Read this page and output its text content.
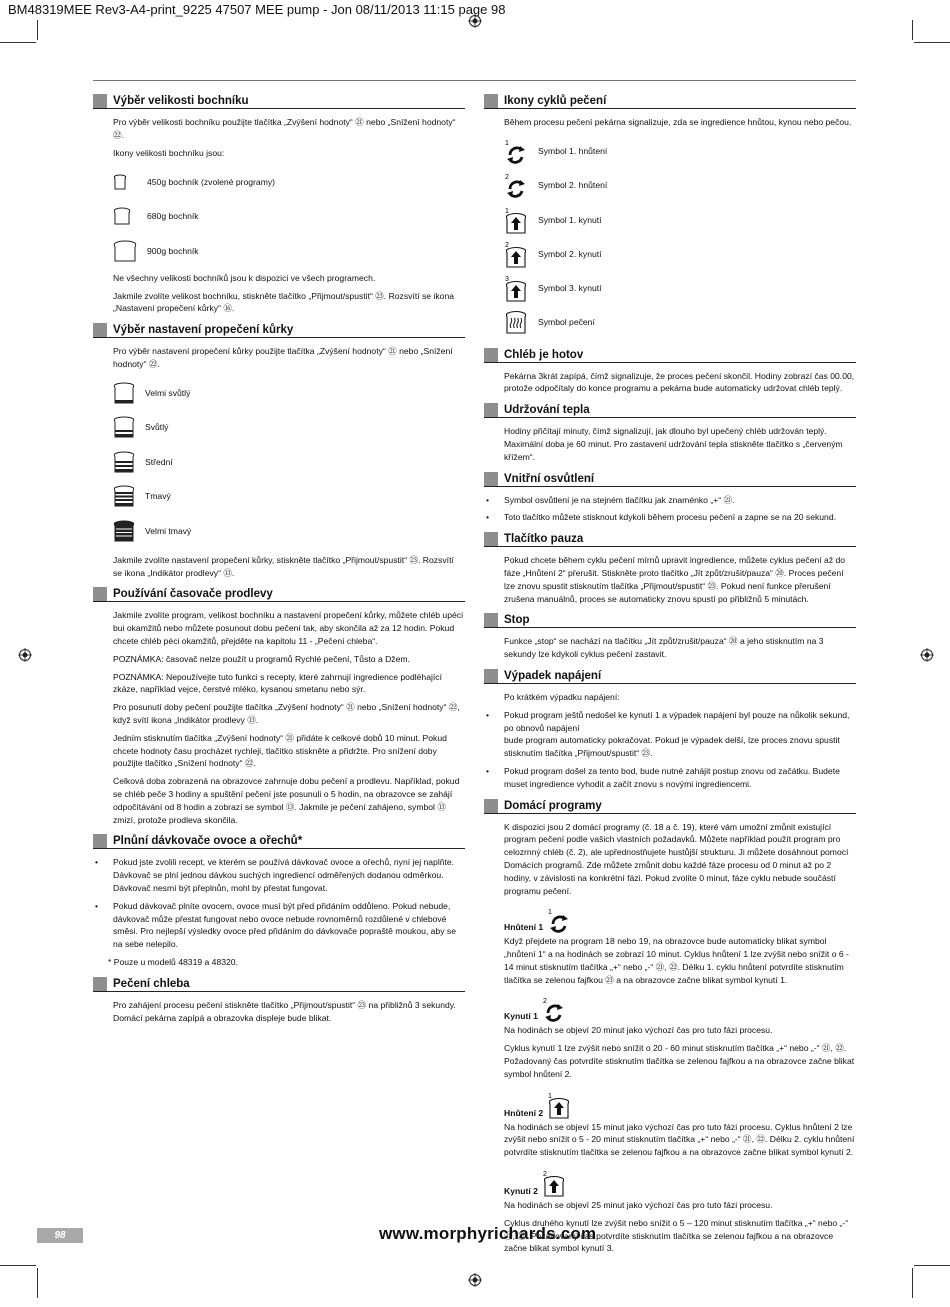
BM48319MEE Rev3-A4-print_9225 47507 MEE pump - Jon 08/11/2013 11:15 page 98
Výběr velikosti bochníku

Pro výběr velikosti bochníku použijte tlačítka „Zvýšení hodnoty“ ㉑ nebo „Snížení hodnoty“ ㉒.

Ikony velikosti bochníku jsou:

450g bochník (zvolené programy)
680g bochník
900g bochník

Ne všechny velikosti bochníků jsou k dispozici ve všech programech.

Jakmile zvolíte velikost bochníku, stiskněte tlačítko „Přijmout/spustit“ ㉓. Rozsvítí se ikona „Nastavení propečení kůrky“ ⑯.

Výběr nastavení propečení kůrky

Pro výběr nastavení propečení kůrky použijte tlačítka „Zvýšení hodnoty“ ㉑ nebo „Snížení hodnoty“ ㉒.

Velmi svůtlý
Svůtlý
Střední
Tmavý
Velmi tmavý

Jakmile zvolíte nastavení propečení kůrky, stiskněte tlačítko „Přijmout/spustit“ ㉓. Rozsvítí se ikona „Indikátor prodlevy“ ⑬.

Používání časovače prodlevy

Jakmile zvolíte program, velikost bochníku a nastavení propečení kůrky, můžete chléb upéci bui okamžitů nebo můžete posunout dobu pečení tak, aby skončila až za 12 hodin. Pokud chcete chléb péci okamžitů, přejděte na kapitolu 11 - „Pečení chleba“.

POZNÁMKA: časovač nelze použít u programů Rychlé pečení, Tůsto a Džem.

POZNÁMKA: Nepoužívejte tuto funkci s recepty, které zahrnují ingredience podléhající zkáze, například vejce, čerstvé mléko, kysanou smetanu nebo sýr.

Pro posunutí doby pečení použijte tlačítka „Zvýšení hodnoty“ ㉑ nebo „Snížení hodnoty“ ㉒, když svítí ikona „Indikátor prodlevy ⑬.

Jedním stisknutím tlačítka „Zvýšení hodnoty“ ㉑ přidáte k celkové dobů 10 minut. Pokud chcete hodnoty času procházet rychleji, tlačítko stiskněte a přidržte. Pro snížení doby použijte tlačítko „Snížení hodnoty“ ㉒.

Celková doba zobrazená na obrazovce zahrnuje dobu pečení a prodlevu. Například, pokud se chléb peče 3 hodiny a spuštění pečení jste posunuli o 5 hodin, na obrazovce se zahájí odpočítávání od 8 hodin a zobrazí se symbol ⑬. Jakmile je pečení zahájeno, symbol ⑬ zmizí, protože prodleva skončila.

Plnůní dávkovače ovoce a ořechů*
•	Pokud jste zvolili recept, ve kterém se používá dávkovač ovoce a ořechů, nyní jej naplňte. Dávkovač se plní jednou dávkou suchých ingrediencí odměřených dodanou odměrkou. Dávkovač nesmí být přeplnůn, mohl by přestat fungovat.
•	Pokud dávkovač plníte ovocem, ovoce musí být před přidáním oddůleno. Pokud nebude, dávkovač může přestat fungovat nebo ovoce nebude rovnoměrnů rozdůlené v chlebové směsi. Pro nejlepší výsledky ovoce před přidáním do dávkovače popraště moukou, aby se na sebe nelepilo.

* Pouze u modelů 48319 a 48320.

Pečení chleba

Pro zahájení procesu pečení stiskněte tlačítko „Přijmout/spustit“ ㉓ na přibližnů 3 sekundy. Domácí pekárna zapípá a obrazovka displeje bude blikat.

Ikony cyklů pečení

Během procesu pečení pekárna signalizuje, zda se ingredience hnůtou, kynou nebo pečou.

1
Symbol 1. hnůtení
2
Symbol 2. hnůtení
1
Symbol 1. kynutí
2
Symbol 2. kynutí
3
Symbol 3. kynutí
Symbol pečení
Chléb je hotov

Pekárna 3krát zapípá, čímž signalizuje, že proces pečení skončil. Hodiny zobrazí čas 00.00, protože odpočítaly do konce programu a pekárna bude automaticky udržovat chléb teplý.

Udržování tepla

Hodiny přičítají minuty, čímž signalizují, jak dlouho byl upečený chléb udržován teplý. Maximální doba je 60 minut. Pro zastavení udržování tepla stiskněte tlačítko s „červeným křížem“.

Vnitřní osvůtlení
•	Symbol osvůtlení je na stejném tlačítku jak znaménko „+“ ㉑.
•	Toto tlačítko můžete stisknout kdykoli během procesu pečení a zapne se na 20 sekund.
Tlačítko pauza

Pokud chcete během cyklu pečení mírnů upravit ingredience, můžete cyklus pečení až do fáze „Hnůtení 2“ přerušit. Stiskněte proto tlačítko „Jít způt/zrušit/pauza“ ⑳. Proces pečení lze znovu spustit stisknutím tlačítka „Přijmout/spustit“ ㉓. Pokud není funkce přerušení zrušena manuálnů, proces se automaticky znovu spustí po přibližnů 5 minutách.

Stop

Funkce „stop“ se nachází na tlačítku „Jít způt/zrušit/pauza“ ⑳ a jeho stisknutím na 3 sekundy lze kdykoli cyklus pečení zastavit.

Výpadek napájení

Po krátkém výpadku napájení:

•	Pokud program ještů nedošel ke kynutí 1 a výpadek napájení byl pouze na nůkolik sekund, po obnovů napájení
bude program automaticky pokračovat. Pokud je výpadek delší, lze proces znovu spustit stisknutím tlačítka „Přijmout/spustit“ ㉓.
•	Pokud program došel za tento bod, bude nutné zahájit postup znovu od začátku. Budete muset ingredience vyhodit a začít znovu s novými ingrediencemi.
Domácí programy

K dispozici jsou 2 domácí programy (č. 18 a č. 19), které vám umožní zmůnit existující program pečení podle vašich vlastních požadavků. Můžete například použít program pro celozrnný chléb (č. 2), ale upřednostňujete hustůjší strukturu. Ji můžete dosáhnout pomocí Domácích programů. Zde můžete zmůnit dobu každé fáze procesu od 0 minut až po 2 hodiny, v závislosti na konkrétní fázi. Pokud zvolíte 0 minut, fáze cyklu nebude součástí programu pečení.

Hnůtení 1
1

Když přejdete na program 18 nebo 19, na obrazovce bude automaticky blikat symbol „hnůtení 1“ a na hodinách se zobrazí 10 minut. Cyklus hnůtení 1 lze zvýšit nebo snížit o 6 - 14 minut stisknutím tlačítka „+“ nebo „-“ ㉑, ㉒. Délku 1. cyklu hnůtení potvrdíte stisknutím tlačítka se zelenou fajfkou ㉓ a na obrazovce začne blikat symbol kynutí 1.

Kynutí 1
2

Na hodinách se objeví 20 minut jako výchozí čas pro tuto fázi procesu.

Cyklus kynutí 1 lze zvýšit nebo snížit o 20 - 60 minut stisknutím tlačítka „+“ nebo „-“ ㉑, ㉒. Požadovaný čas potvrdíte stisknutím tlačítka se zelenou fajfkou a na obrazovce začne blikat symbol hnůtení 2.

Hnůtení 2
1

Na hodinách se objeví 15 minut jako výchozí čas pro tuto fázi procesu. Cyklus hnůtení 2 lze zvýšit nebo snížit o 5 - 20 minut stisknutím tlačítka „+“ nebo „-“ ㉑, ㉒. Délku 2. cyklu hnůtení potvrdíte stisknutím tlačítka se zelenou fajfkou a na obrazovce začne blikat symbol kynutí 2.

Kynutí 2
2

Na hodinách se objeví 25 minut jako výchozí čas pro tuto fázi procesu.

Cyklus druhého kynutí lze zvýšit nebo snížit o 5 – 120 minut stisknutím tlačítka „+“ nebo „-“ ㉑, ㉒. Požadovaný čas potvrdíte stisknutím tlačítka se zelenou fajfkou a na obrazovce začne blikat symbol kynutí 3.

98	www.morphyrichards.com
